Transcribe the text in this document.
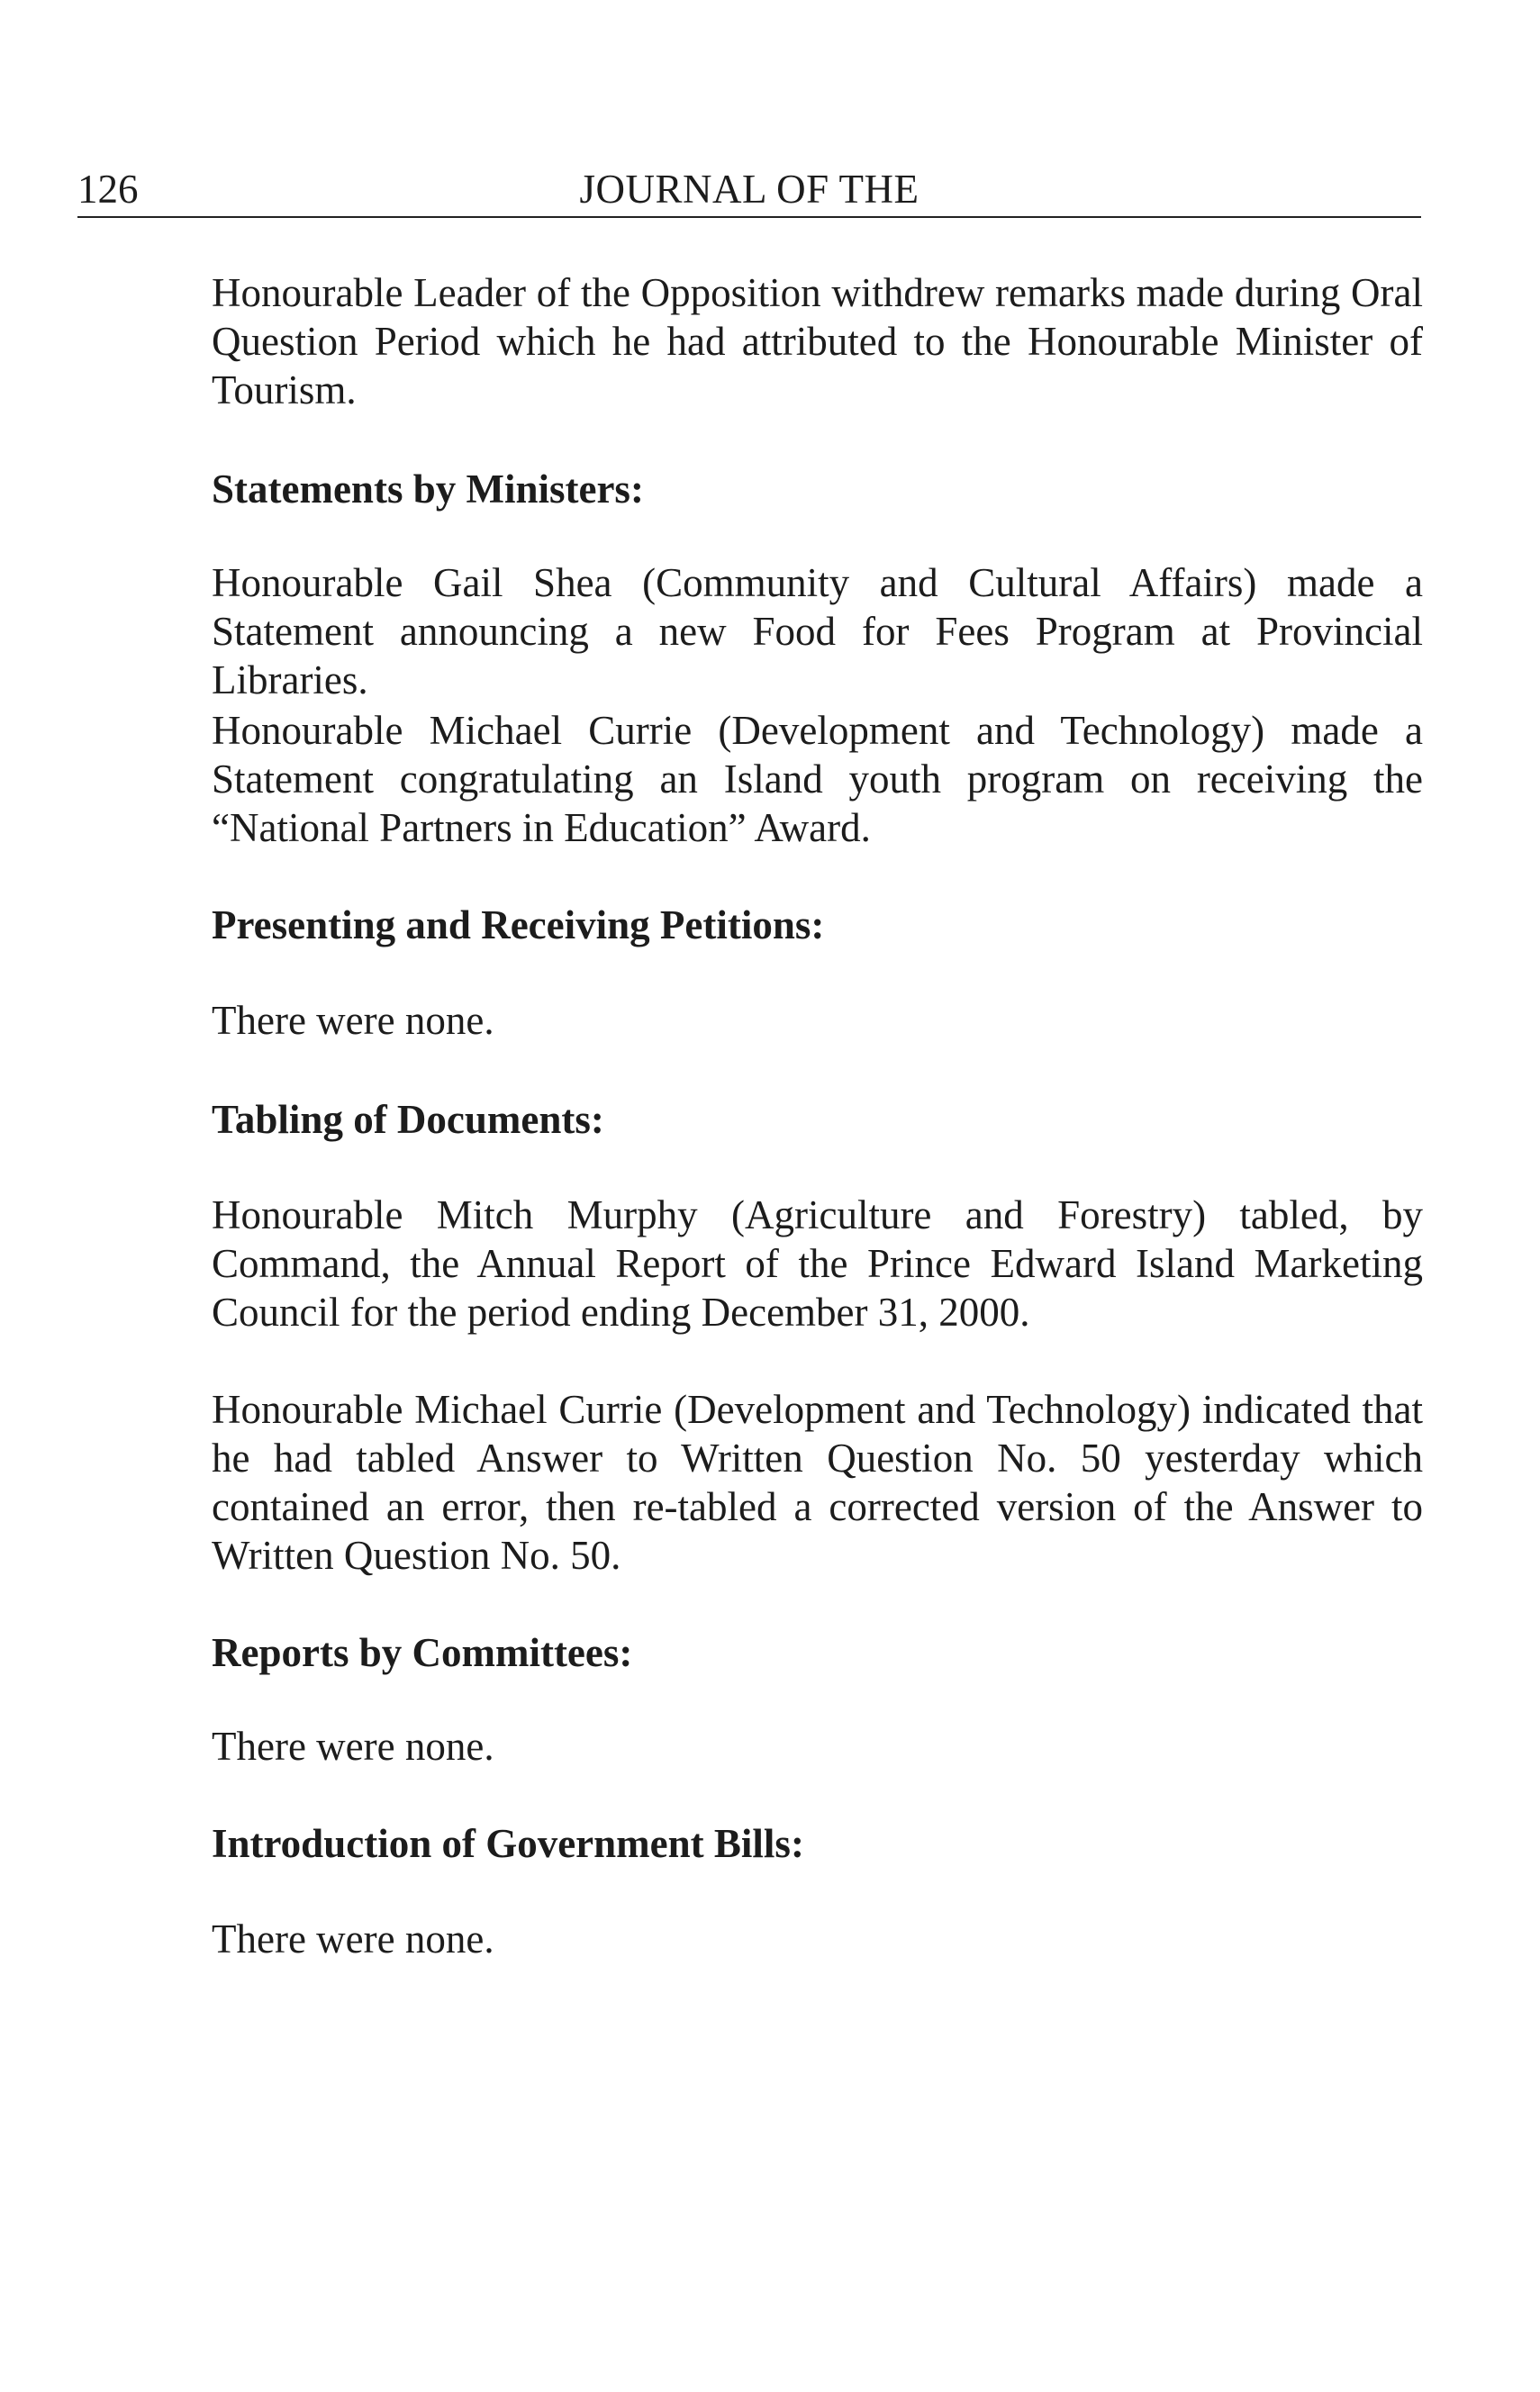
126	JOURNAL OF THE

Honourable Leader of the Opposition withdrew remarks made during Oral Question Period which he had attributed to the Honourable Minister of Tourism.

Statements by Ministers:

Honourable Gail Shea (Community and Cultural Affairs) made a Statement announcing a new Food for Fees Program at Provincial Libraries.

Honourable Michael Currie (Development and Technology) made a Statement congratulating an Island youth program on receiving the “National Partners in Education” Award.

Presenting and Receiving Petitions:

There were none.

Tabling of Documents:

Honourable Mitch Murphy (Agriculture and Forestry) tabled, by Command, the Annual Report of the Prince Edward Island Marketing Council for the period ending December 31, 2000.

Honourable Michael Currie (Development and Technology) indicated that he had tabled Answer to Written Question No. 50 yesterday which contained an error, then re-tabled a corrected version of the Answer to Written Question No. 50.

Reports by Committees:

There were none.

Introduction of Government Bills:

There were none.
